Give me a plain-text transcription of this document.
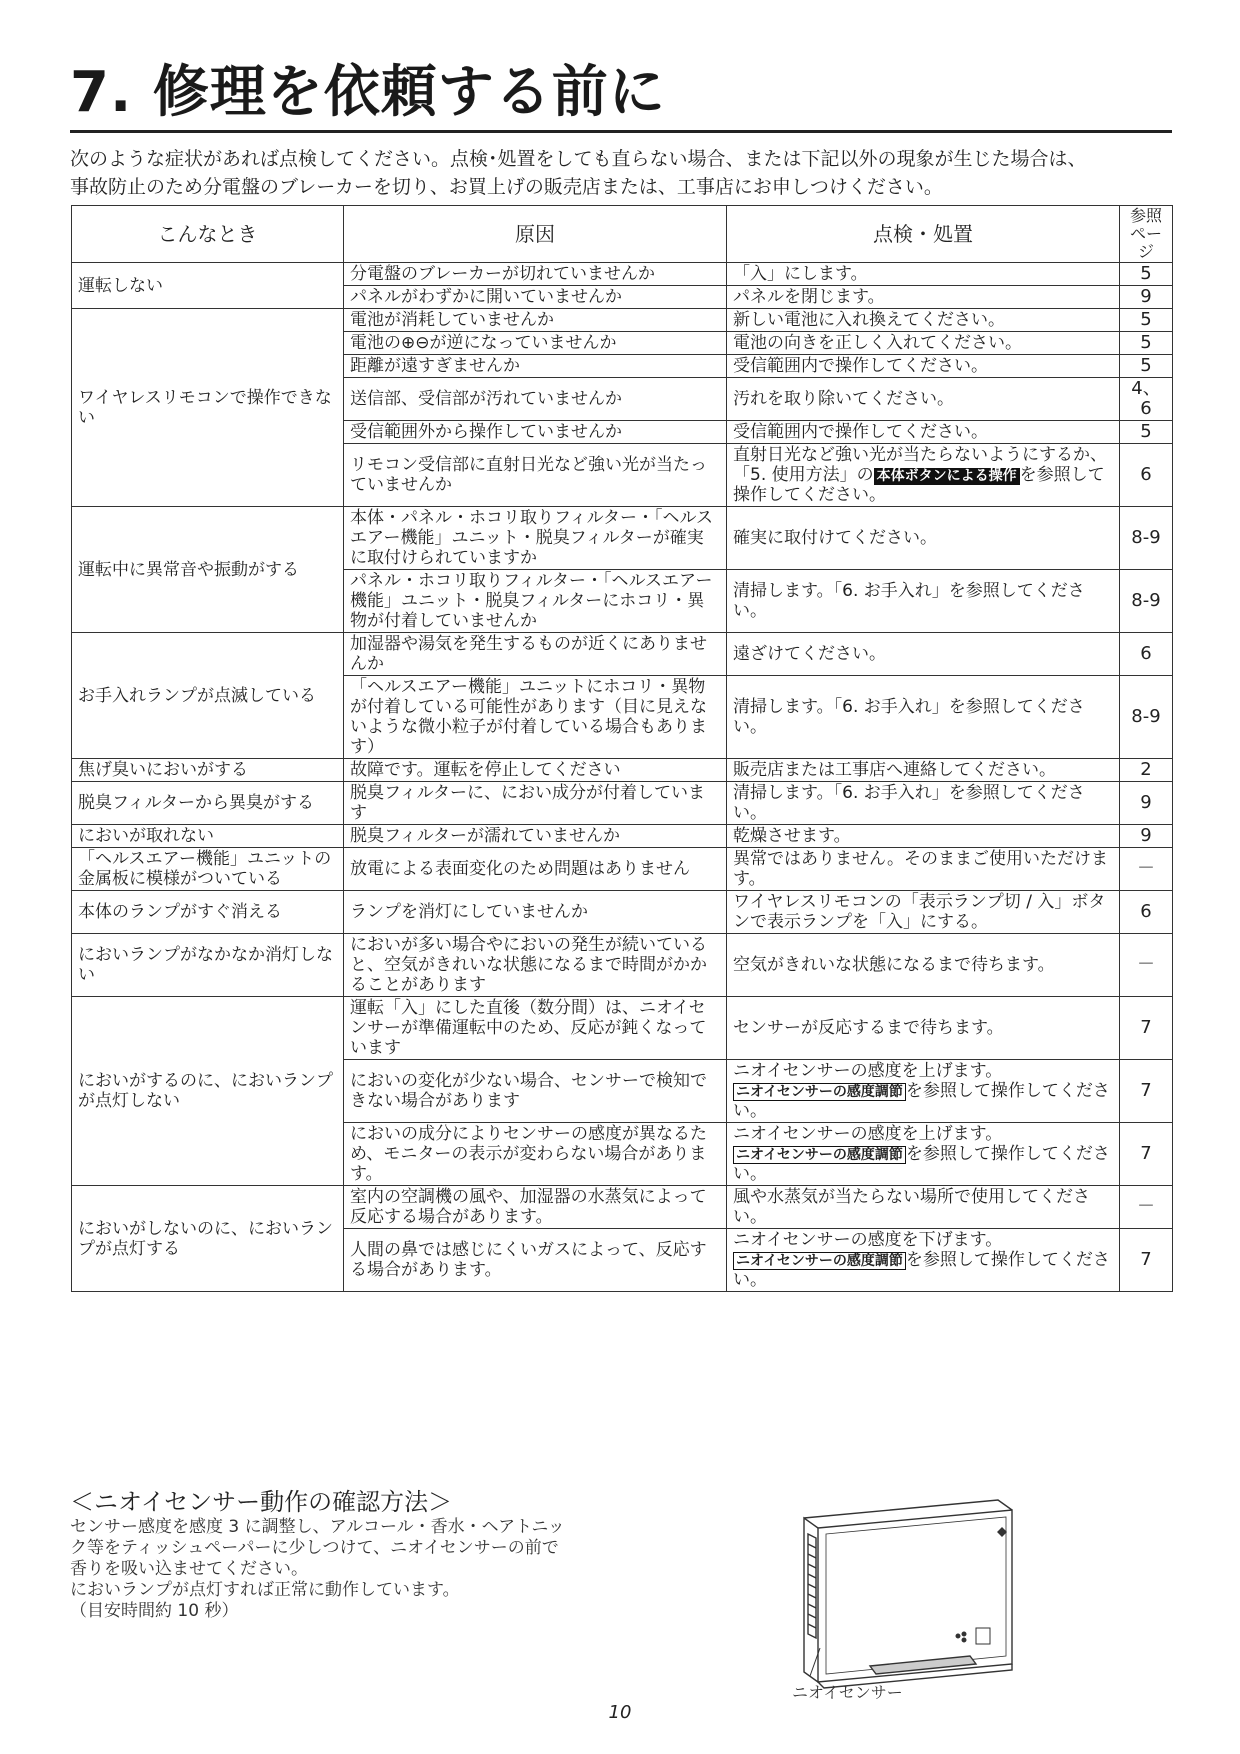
7. 修理を依頼する前に
次のような症状があれば点検してください。点検･処置をしても直らない場合、または下記以外の現象が生じた場合は、
事故防止のため分電盤のブレーカーを切り、お買上げの販売店または、工事店にお申しつけください。
こんなとき	原因	点検・処置	参照ページ
運転しない	分電盤のブレーカーが切れていませんか	「入」にします。	5
	パネルがわずかに開いていませんか	パネルを閉じます。	9
ワイヤレスリモコンで操作できない	電池が消耗していませんか	新しい電池に入れ換えてください。	5
	電池の⊕⊖が逆になっていませんか	電池の向きを正しく入れてください。	5
	距離が遠すぎませんか	受信範囲内で操作してください。	5
	送信部、受信部が汚れていませんか	汚れを取り除いてください。	4、6
	受信範囲外から操作していませんか	受信範囲内で操作してください。	5
	リモコン受信部に直射日光など強い光が当たっていませんか	直射日光など強い光が当たらないようにするか、「5. 使用方法」の 本体ボタンによる操作 を参照して操作してください。	6
運転中に異常音や振動がする	本体・パネル・ホコリ取りフィルター・「ヘルスエアー機能」ユニット・脱臭フィルターが確実に取付けられていますか	確実に取付けてください。	8-9
	パネル・ホコリ取りフィルター・「ヘルスエアー機能」ユニット・脱臭フィルターにホコリ・異物が付着していませんか	清掃します。「6. お手入れ」を参照してください。	8-9
お手入れランプが点滅している	加湿器や湯気を発生するものが近くにありませんか	遠ざけてください。	6
	「ヘルスエアー機能」ユニットにホコリ・異物が付着している可能性があります（目に見えないような微小粒子が付着している場合もあります）	清掃します。「6. お手入れ」を参照してください。	8-9
焦げ臭いにおいがする	故障です。運転を停止してください	販売店または工事店へ連絡してください。	2
脱臭フィルターから異臭がする	脱臭フィルターに、におい成分が付着しています	清掃します。「6. お手入れ」を参照してください。	9
においが取れない	脱臭フィルターが濡れていませんか	乾燥させます。	9
「ヘルスエアー機能」ユニットの金属板に模様がついている	放電による表面変化のため問題はありません	異常ではありません。そのままご使用いただけます。	－
本体のランプがすぐ消える	ランプを消灯にしていませんか	ワイヤレスリモコンの「表示ランプ切 / 入」ボタンで表示ランプを「入」にする。	6
においランプがなかなか消灯しない	においが多い場合やにおいの発生が続いていると、空気がきれいな状態になるまで時間がかかることがあります	空気がきれいな状態になるまで待ちます。	－
においがするのに、においランプが点灯しない	運転「入」にした直後（数分間）は、ニオイセンサーが準備運転中のため、反応が鈍くなっています	センサーが反応するまで待ちます。	7
	においの変化が少ない場合、センサーで検知できない場合があります	ニオイセンサーの感度を上げます。ニオイセンサーの感度調節 を参照して操作してください。	7
	においの成分によりセンサーの感度が異なるため、モニターの表示が変わらない場合があります。	ニオイセンサーの感度を上げます。ニオイセンサーの感度調節 を参照して操作してください。	7
においがしないのに、においランプが点灯する	室内の空調機の風や、加湿器の水蒸気によって反応する場合があります。	風や水蒸気が当たらない場所で使用してください。	－
	人間の鼻では感じにくいガスによって、反応する場合があります。	ニオイセンサーの感度を下げます。ニオイセンサーの感度調節 を参照して操作してください。	7
＜ニオイセンサー動作の確認方法＞
センサー感度を感度 3 に調整し、アルコール・香水・ヘアトニッ
ク等をティッシュペーパーに少しつけて、ニオイセンサーの前で
香りを吸い込ませてください。
においランプが点灯すれば正常に動作しています。
（目安時間約 10 秒）
ニオイセンサー
10
